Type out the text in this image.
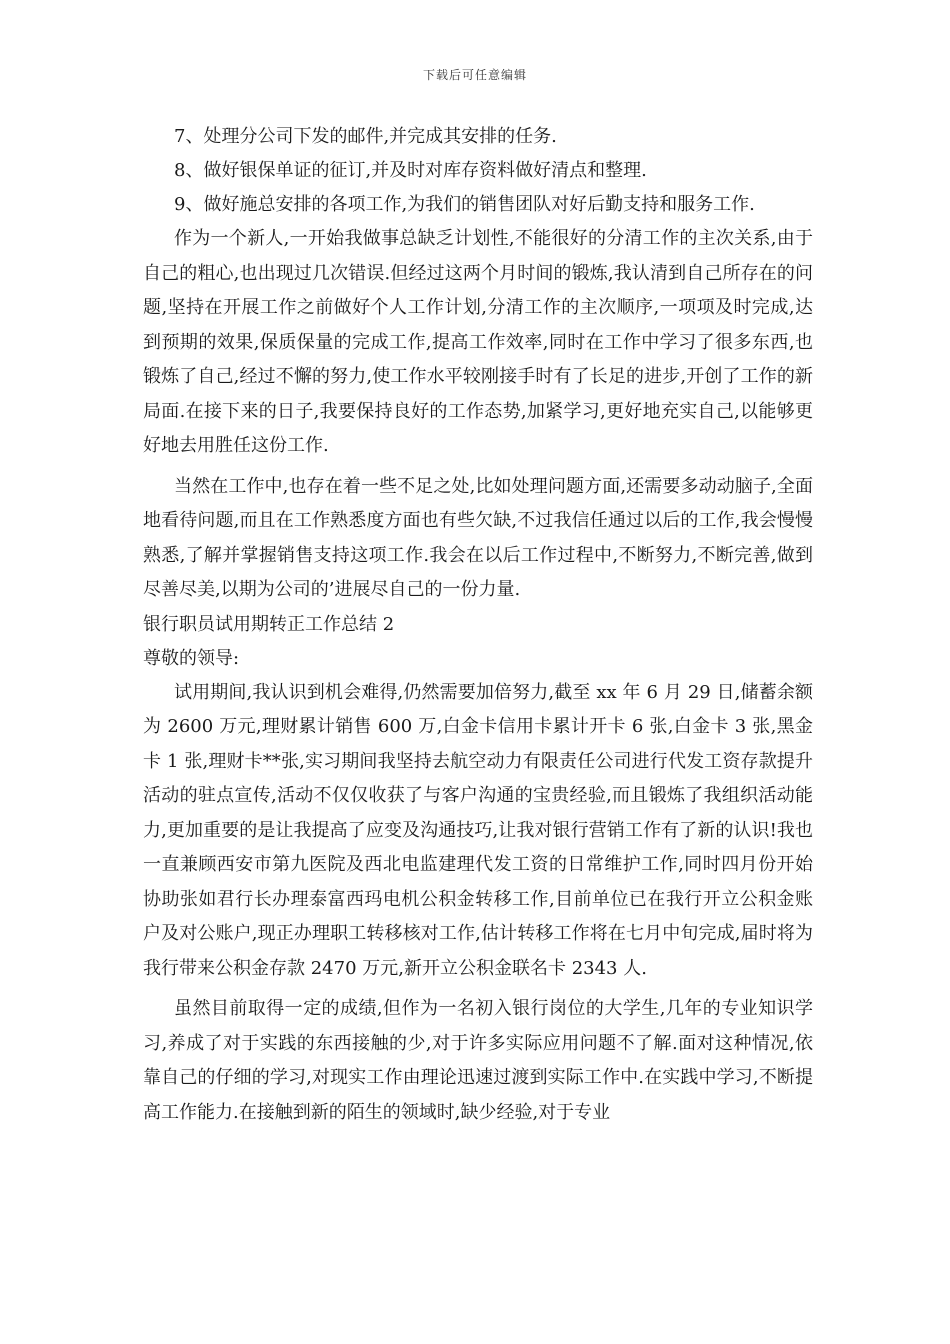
下载后可任意编辑
7、处理分公司下发的邮件,并完成其安排的任务.
8、做好银保单证的征订,并及时对库存资料做好清点和整理.
9、做好施总安排的各项工作,为我们的销售团队对好后勤支持和服务工作.

作为一个新人,一开始我做事总缺乏计划性,不能很好的分清工作的主次关系,由于自己的粗心,也出现过几次错误.但经过这两个月时间的锻炼,我认清到自己所存在的问题,坚持在开展工作之前做好个人工作计划,分清工作的主次顺序,一项项及时完成,达到预期的效果,保质保量的完成工作,提高工作效率,同时在工作中学习了很多东西,也锻炼了自己,经过不懈的努力,使工作水平较刚接手时有了长足的进步,开创了工作的新局面.在接下来的日子,我要保持良好的工作态势,加紧学习,更好地充实自己,以能够更好地去用胜任这份工作.

当然在工作中,也存在着一些不足之处,比如处理问题方面,还需要多动动脑子,全面地看待问题,而且在工作熟悉度方面也有些欠缺,不过我信任通过以后的工作,我会慢慢熟悉,了解并掌握销售支持这项工作.我会在以后工作过程中,不断努力,不断完善,做到尽善尽美,以期为公司的’进展尽自己的一份力量.

银行职员试用期转正工作总结 2

尊敬的领导:

试用期间,我认识到机会难得,仍然需要加倍努力,截至 xx 年 6 月 29 日,储蓄余额为 2600 万元,理财累计销售 600 万,白金卡信用卡累计开卡 6 张,白金卡 3 张,黑金卡 1 张,理财卡**张,实习期间我坚持去航空动力有限责任公司进行代发工资存款提升活动的驻点宣传,活动不仅仅收获了与客户沟通的宝贵经验,而且锻炼了我组织活动能力,更加重要的是让我提高了应变及沟通技巧,让我对银行营销工作有了新的认识!我也一直兼顾西安市第九医院及西北电监建理代发工资的日常维护工作,同时四月份开始协助张如君行长办理泰富西玛电机公积金转移工作,目前单位已在我行开立公积金账户及对公账户,现正办理职工转移核对工作,估计转移工作将在七月中旬完成,届时将为我行带来公积金存款 2470 万元,新开立公积金联名卡 2343 人.

虽然目前取得一定的成绩,但作为一名初入银行岗位的大学生,几年的专业知识学习,养成了对于实践的东西接触的少,对于许多实际应用问题不了解.面对这种情况,依靠自己的仔细的学习,对现实工作由理论迅速过渡到实际工作中.在实践中学习,不断提高工作能力.在接触到新的陌生的领域时,缺少经验,对于专业
